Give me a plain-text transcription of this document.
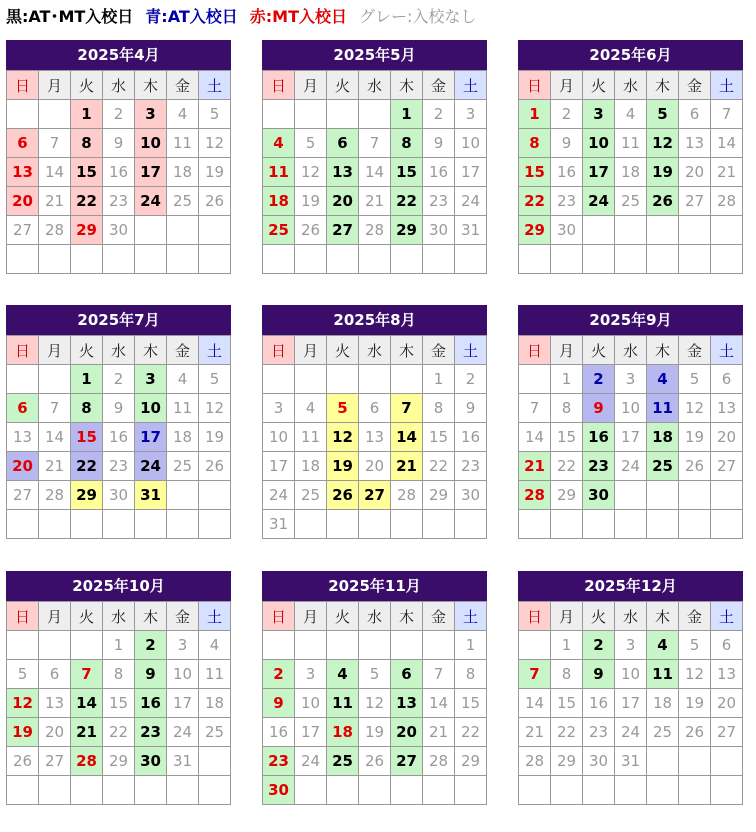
黒:AT･MT入校日 青:AT入校日 赤:MT入校日 グレー:入校なし
2025年4月
日	月	火	水	木	金	土
		1	2	3	4	5
6	7	8	9	10	11	12
13	14	15	16	17	18	19
20	21	22	23	24	25	26
27	28	29	30			

2025年5月
日	月	火	水	木	金	土
				1	2	3
4	5	6	7	8	9	10
11	12	13	14	15	16	17
18	19	20	21	22	23	24
25	26	27	28	29	30	31

2025年6月
日	月	火	水	木	金	土
1	2	3	4	5	6	7
8	9	10	11	12	13	14
15	16	17	18	19	20	21
22	23	24	25	26	27	28
29	30					

2025年7月
日	月	火	水	木	金	土
		1	2	3	4	5
6	7	8	9	10	11	12
13	14	15	16	17	18	19
20	21	22	23	24	25	26
27	28	29	30	31		

2025年8月
日	月	火	水	木	金	土
					1	2
3	4	5	6	7	8	9
10	11	12	13	14	15	16
17	18	19	20	21	22	23
24	25	26	27	28	29	30
31						
2025年9月
日	月	火	水	木	金	土
	1	2	3	4	5	6
7	8	9	10	11	12	13
14	15	16	17	18	19	20
21	22	23	24	25	26	27
28	29	30				

2025年10月
日	月	火	水	木	金	土
			1	2	3	4
5	6	7	8	9	10	11
12	13	14	15	16	17	18
19	20	21	22	23	24	25
26	27	28	29	30	31	

2025年11月
日	月	火	水	木	金	土
						1
2	3	4	5	6	7	8
9	10	11	12	13	14	15
16	17	18	19	20	21	22
23	24	25	26	27	28	29
30						
2025年12月
日	月	火	水	木	金	土
	1	2	3	4	5	6
7	8	9	10	11	12	13
14	15	16	17	18	19	20
21	22	23	24	25	26	27
28	29	30	31			
